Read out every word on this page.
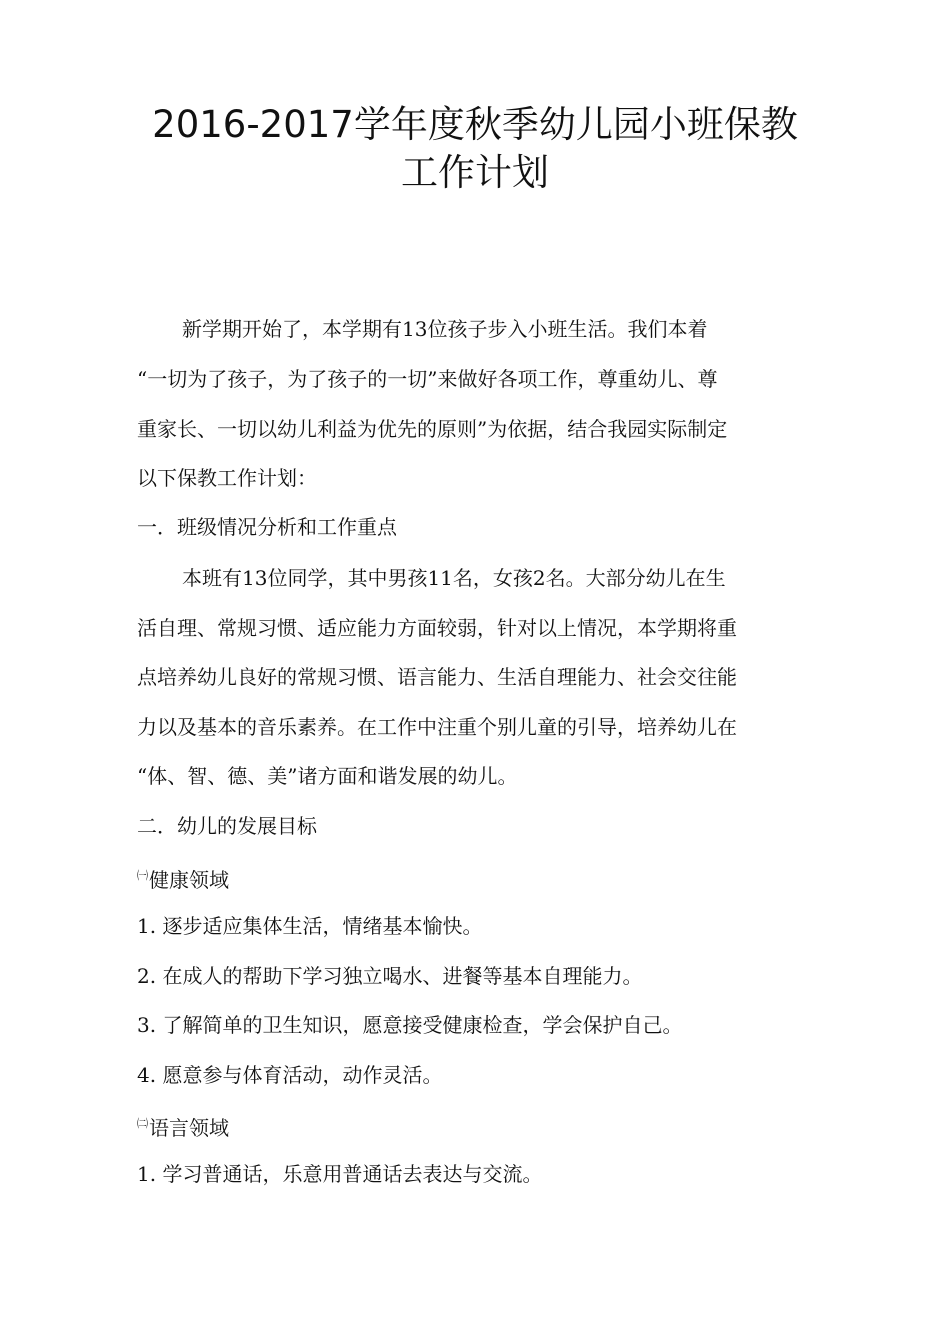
2016-2017学年度秋季幼儿园小班保教
工作计划
新学期开始了，本学期有13位孩子步入小班生活。我们本着
“一切为了孩子，为了孩子的一切”来做好各项工作，尊重幼儿、尊
重家长、一切以幼儿利益为优先的原则”为依据，结合我园实际制定
以下保教工作计划：
一．班级情况分析和工作重点
本班有13位同学，其中男孩11名，女孩2名。大部分幼儿在生
活自理、常规习惯、适应能力方面较弱，针对以上情况，本学期将重
点培养幼儿良好的常规习惯、语言能力、生活自理能力、社会交往能
力以及基本的音乐素养。在工作中注重个别儿童的引导，培养幼儿在
“体、智、德、美”诸方面和谐发展的幼儿。
二．幼儿的发展目标
$^㈠$健康领域
1. 逐步适应集体生活，情绪基本愉快。
2. 在成人的帮助下学习独立喝水、进餐等基本自理能力。
3. 了解简单的卫生知识，愿意接受健康检查，学会保护自己。
4. 愿意参与体育活动，动作灵活。
$^㈡$语言领域
1. 学习普通话，乐意用普通话去表达与交流。
